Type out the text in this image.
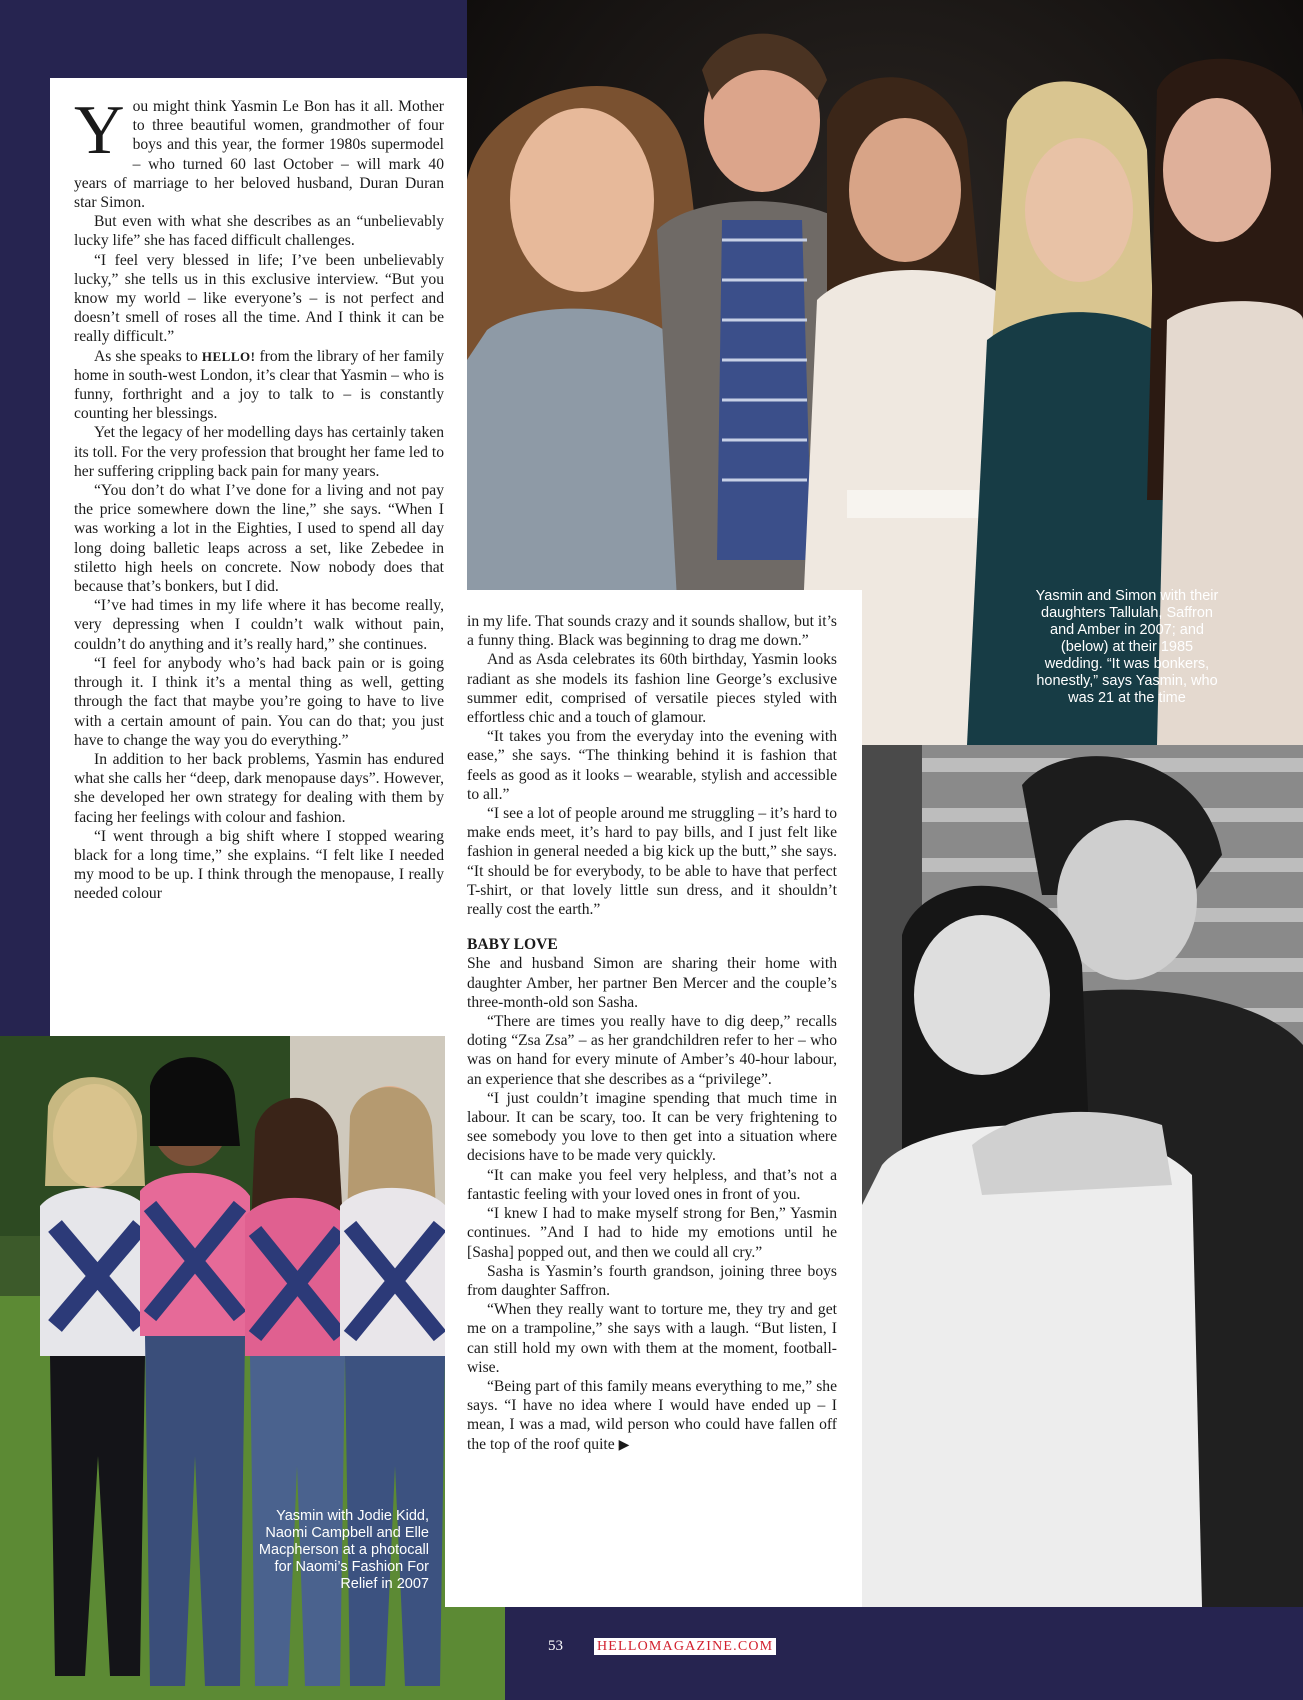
You might think Yasmin Le Bon has it all. Mother to three beautiful women, grandmother of four boys and this year, the former 1980s supermodel – who turned 60 last October – will mark 40 years of marriage to her beloved husband, Duran Duran star Simon.

But even with what she describes as an “unbelievably lucky life” she has faced difficult challenges.

“I feel very blessed in life; I’ve been unbelievably lucky,” she tells us in this exclusive interview. “But you know my world – like everyone’s – is not perfect and doesn’t smell of roses all the time. And I think it can be really difficult.”

As she speaks to HELLO! from the library of her family home in south-west London, it’s clear that Yasmin – who is funny, forthright and a joy to talk to – is constantly counting her blessings.

Yet the legacy of her modelling days has certainly taken its toll. For the very profession that brought her fame led to her suffering crippling back pain for many years.

“You don’t do what I’ve done for a living and not pay the price somewhere down the line,” she says. “When I was working a lot in the Eighties, I used to spend all day long doing balletic leaps across a set, like Zebedee in stiletto high heels on concrete. Now nobody does that because that’s bonkers, but I did.

“I’ve had times in my life where it has become really, very depressing when I couldn’t walk without pain, couldn’t do anything and it’s really hard,” she continues.

“I feel for anybody who’s had back pain or is going through it. I think it’s a mental thing as well, getting through the fact that maybe you’re going to have to live with a certain amount of pain. You can do that; you just have to change the way you do everything.”

In addition to her back problems, Yasmin has endured what she calls her “deep, dark menopause days”. However, she developed her own strategy for dealing with them by facing her feelings with colour and fashion.

“I went through a big shift where I stopped wearing black for a long time,” she explains. “I felt like I needed my mood to be up. I think through the menopause, I really needed colour

in my life. That sounds crazy and it sounds shallow, but it’s a funny thing. Black was beginning to drag me down.”

And as Asda celebrates its 60th birthday, Yasmin looks radiant as she models its fashion line George’s exclusive summer edit, comprised of versatile pieces styled with effortless chic and a touch of glamour.

“It takes you from the everyday into the evening with ease,” she says. “The thinking behind it is fashion that feels as good as it looks – wearable, stylish and accessible to all.”

“I see a lot of people around me struggling – it’s hard to make ends meet, it’s hard to pay bills, and I just felt like fashion in general needed a big kick up the butt,” she says. “It should be for everybody, to be able to have that perfect T-shirt, or that lovely little sun dress, and it shouldn’t really cost the earth.”

BABY LOVE

She and husband Simon are sharing their home with daughter Amber, her partner Ben Mercer and the couple’s three-month-old son Sasha.

“There are times you really have to dig deep,” recalls doting “Zsa Zsa” – as her grandchildren refer to her – who was on hand for every minute of Amber’s 40-hour labour, an experience that she describes as a “privilege”.

“I just couldn’t imagine spending that much time in labour. It can be scary, too. It can be very frightening to see somebody you love to then get into a situation where decisions have to be made very quickly.

“It can make you feel very helpless, and that’s not a fantastic feeling with your loved ones in front of you.

“I knew I had to make myself strong for Ben,” Yasmin continues. ”And I had to hide my emotions until he [Sasha] popped out, and then we could all cry.”

Sasha is Yasmin’s fourth grandson, joining three boys from daughter Saffron.

“When they really want to torture me, they try and get me on a trampoline,” she says with a laugh. “But listen, I can still hold my own with them at the moment, football-wise.

“Being part of this family means everything to me,” she says. “I have no idea where I would have ended up – I mean, I was a mad, wild person who could have fallen off the top of the roof quite ▶

Yasmin and Simon with their daughters Tallulah, Saffron and Amber in 2007; and (below) at their 1985 wedding. “It was bonkers, honestly,” says Yasmin, who was 21 at the time
Yasmin with Jodie Kidd, Naomi Campbell and Elle Macpherson at a photocall for Naomi’s Fashion For Relief in 2007
53 HELLOMAGAZINE.COM
